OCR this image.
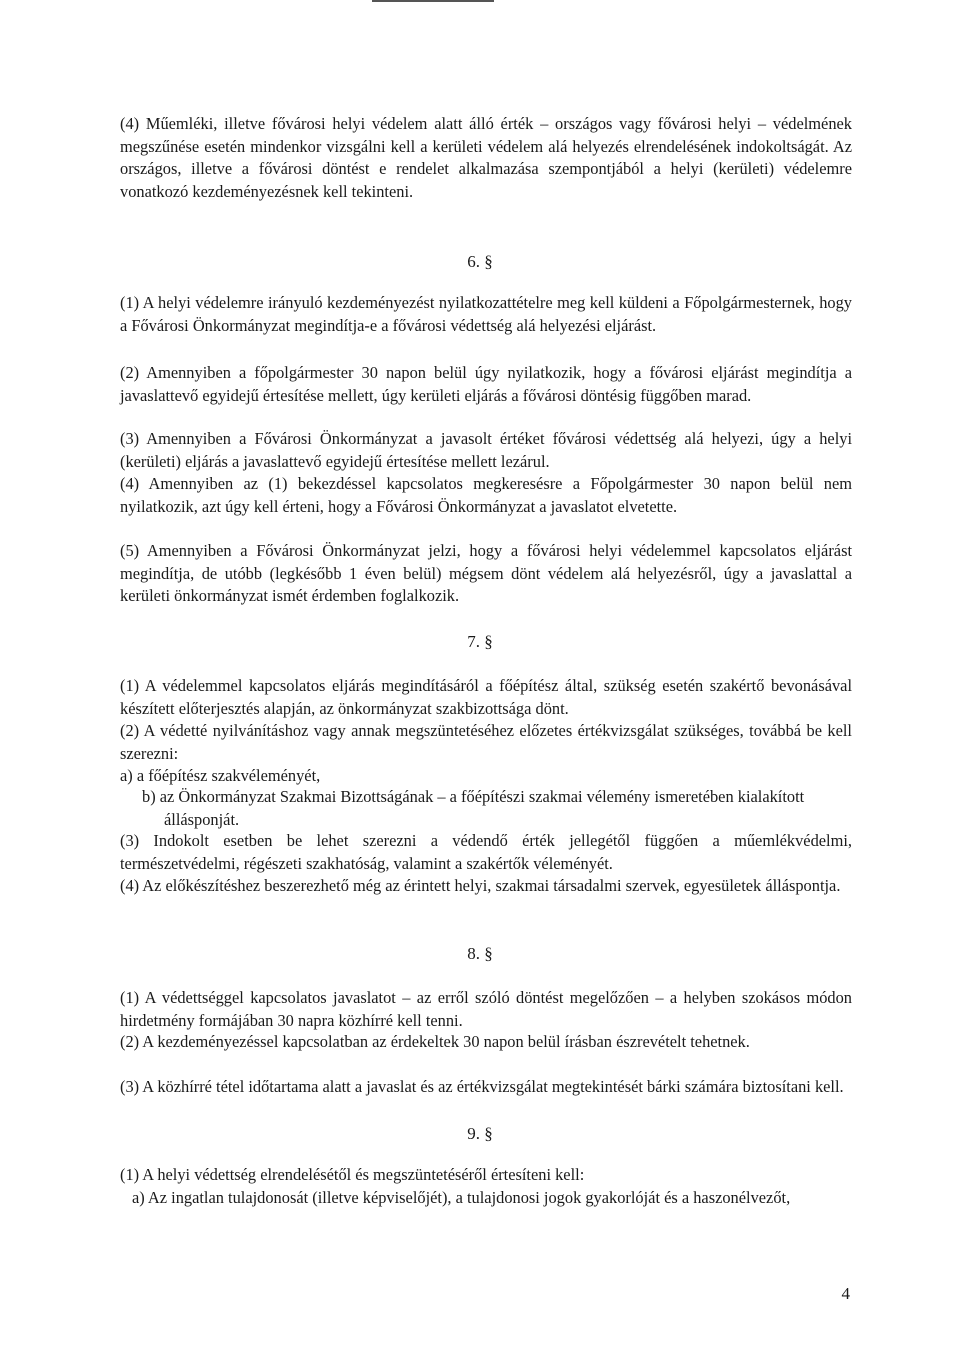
(4) Műemléki, illetve fővárosi helyi védelem alatt álló érték – országos vagy fővárosi helyi – védelmének megszűnése esetén mindenkor vizsgálni kell a kerületi védelem alá helyezés elrendelésének indokoltságát. Az országos, illetve a fővárosi döntést e rendelet alkalmazása szempontjából a helyi (kerületi) védelemre vonatkozó kezdeményezésnek kell tekinteni.

6. §

(1) A helyi védelemre irányuló kezdeményezést nyilatkozattételre meg kell küldeni a Főpolgármesternek, hogy a Fővárosi Önkormányzat megindítja-e a fővárosi védettség alá helyezési eljárást.

(2) Amennyiben a főpolgármester 30 napon belül úgy nyilatkozik, hogy a fővárosi eljárást megindítja a javaslattevő egyidejű értesítése mellett, úgy kerületi eljárás a fővárosi döntésig függőben marad.

(3) Amennyiben a Fővárosi Önkormányzat a javasolt értéket fővárosi védettség alá helyezi, úgy a helyi (kerületi) eljárás a javaslattevő egyidejű értesítése mellett lezárul.

(4) Amennyiben az (1) bekezdéssel kapcsolatos megkeresésre a Főpolgármester 30 napon belül nem nyilatkozik, azt úgy kell érteni, hogy a Fővárosi Önkormányzat a javaslatot elvetette.

(5) Amennyiben a Fővárosi Önkormányzat jelzi, hogy a fővárosi helyi védelemmel kapcsolatos eljárást megindítja, de utóbb (legkésőbb 1 éven belül) mégsem dönt védelem alá helyezésről, úgy a javaslattal a kerületi önkormányzat ismét érdemben foglalkozik.

7. §

(1) A védelemmel kapcsolatos eljárás megindításáról a főépítész által, szükség esetén szakértő bevonásával készített előterjesztés alapján, az önkormányzat szakbizottsága dönt.

(2) A védetté nyilvánításhoz vagy annak megszüntetéséhez előzetes értékvizsgálat szükséges, továbbá be kell szerezni:

a) a főépítész szakvéleményét,

b) az Önkormányzat Szakmai Bizottságának – a főépítészi szakmai vélemény ismeretében kialakított állásponját.

(3) Indokolt esetben be lehet szerezni a védendő érték jellegétől függően a műemlékvédelmi, természetvédelmi, régészeti szakhatóság, valamint a szakértők véleményét.

(4) Az előkészítéshez beszerezhető még az érintett helyi, szakmai társadalmi szervek, egyesületek álláspontja.

8. §

(1) A védettséggel kapcsolatos javaslatot – az erről szóló döntést megelőzően – a helyben szokásos módon hirdetmény formájában 30 napra közhírré kell tenni.

(2) A kezdeményezéssel kapcsolatban az érdekeltek 30 napon belül írásban észrevételt tehetnek.

(3) A közhírré tétel időtartama alatt a javaslat és az értékvizsgálat megtekintését bárki számára biztosítani kell.

9. §

(1) A helyi védettség elrendelésétől és megszüntetéséről értesíteni kell:

a) Az ingatlan tulajdonosát (illetve képviselőjét), a tulajdonosi jogok gyakorlóját és a haszonélvezőt,

4
